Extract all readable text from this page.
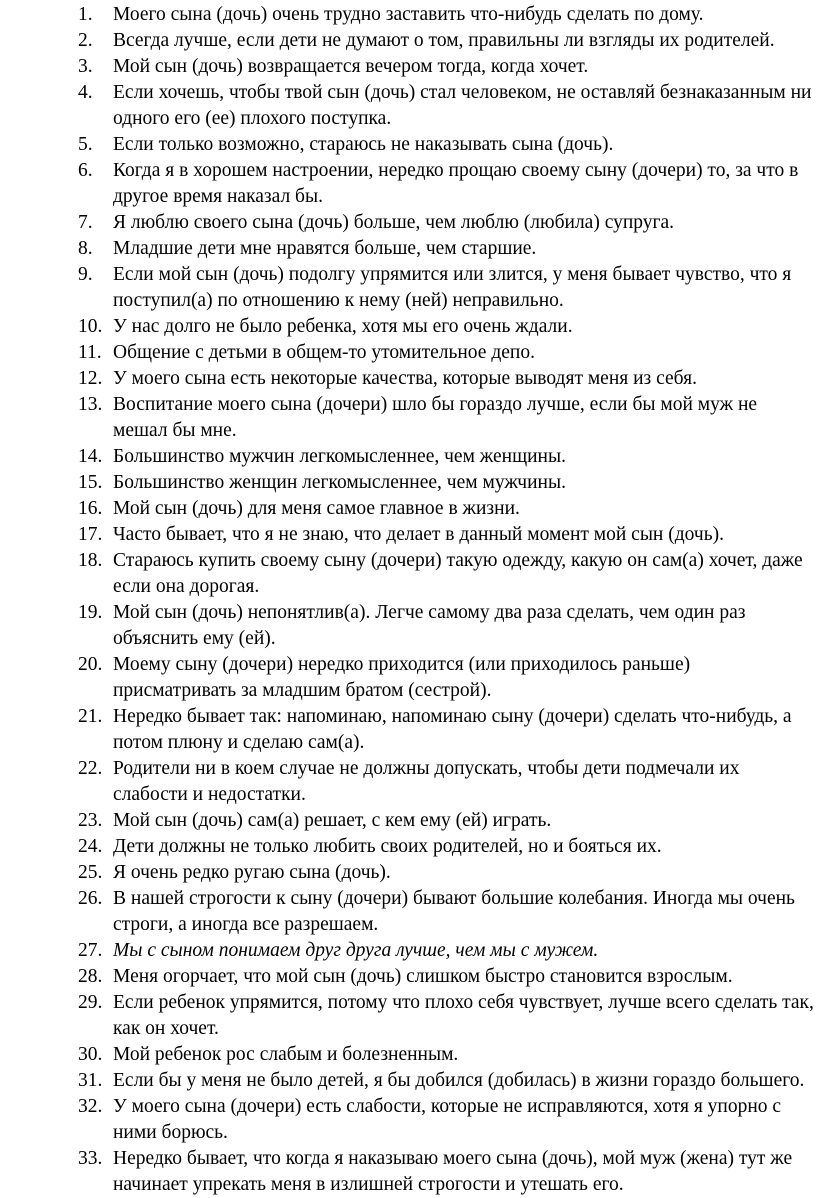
1.	Моего сына (дочь) очень трудно заставить что-нибудь сделать по дому.
2.	Всегда лучше, если дети не думают о том, правильны ли взгляды их родителей.
3.	Мой сын (дочь) возвращается вечером тогда, когда хочет.
4.	Если хочешь, чтобы твой сын (дочь) стал человеком, не оставляй безнаказанным ни одного его (ее) плохого поступка.
5.	Если только возможно, стараюсь не наказывать сына (дочь).
6.	Когда я в хорошем настроении, нередко прощаю своему сыну (дочери) то, за что в другое время наказал бы.
7.	Я люблю своего сына (дочь) больше, чем люблю (любила) супруга.
8.	Младшие дети мне нравятся больше, чем старшие.
9.	Если мой сын (дочь) подолгу упрямится или злится, у меня бывает чувство, что я поступил(а) по отношению к нему (ней) неправильно.
10. У нас долго не было ребенка, хотя мы его очень ждали.
11. Общение с детьми в общем-то утомительное депо.
12. У моего сына есть некоторые качества, которые выводят меня из себя.
13. Воспитание моего сына (дочери) шло бы гораздо лучше, если бы мой муж не мешал бы мне.
14. Большинство мужчин легкомысленнее, чем женщины.
15. Большинство женщин легкомысленнее, чем мужчины.
16. Мой сын (дочь) для меня самое главное в жизни.
17. Часто бывает, что я не знаю, что делает в данный момент мой сын (дочь).
18. Стараюсь купить своему сыну (дочери) такую одежду, какую он сам(а) хочет, даже если она дорогая.
19. Мой сын (дочь) непонятлив(а). Легче самому два раза сделать, чем один раз объяснить ему (ей).
20. Моему сыну (дочери) нередко приходится (или приходилось раньше) присматривать за младшим братом (сестрой).
21. Нередко бывает так: напоминаю, напоминаю сыну (дочери) сделать что-нибудь, а потом плюну и сделаю сам(а).
22. Родители ни в коем случае не должны допускать, чтобы дети подмечали их слабости и недостатки.
23. Мой сын (дочь) сам(а) решает, с кем ему (ей) играть.
24. Дети должны не только любить своих родителей, но и бояться их.
25. Я очень редко ругаю сына (дочь).
26. В нашей строгости к сыну (дочери) бывают большие колебания. Иногда мы очень строги, а иногда все разрешаем.
27. Мы с сыном понимаем друг друга лучше, чем мы с мужем.
28. Меня огорчает, что мой сын (дочь) слишком быстро становится взрослым.
29. Если ребенок упрямится, потому что плохо себя чувствует, лучше всего сделать так, как он хочет.
30. Мой ребенок рос слабым и болезненным.
31. Если бы у меня не было детей, я бы добился (добилась) в жизни гораздо большего.
32. У моего сына (дочери) есть слабости, которые не исправляются, хотя я упорно с ними борюсь.
33. Нередко бывает, что когда я наказываю моего сына (дочь), мой муж (жена) тут же начинает упрекать меня в излишней строгости и утешать его.
